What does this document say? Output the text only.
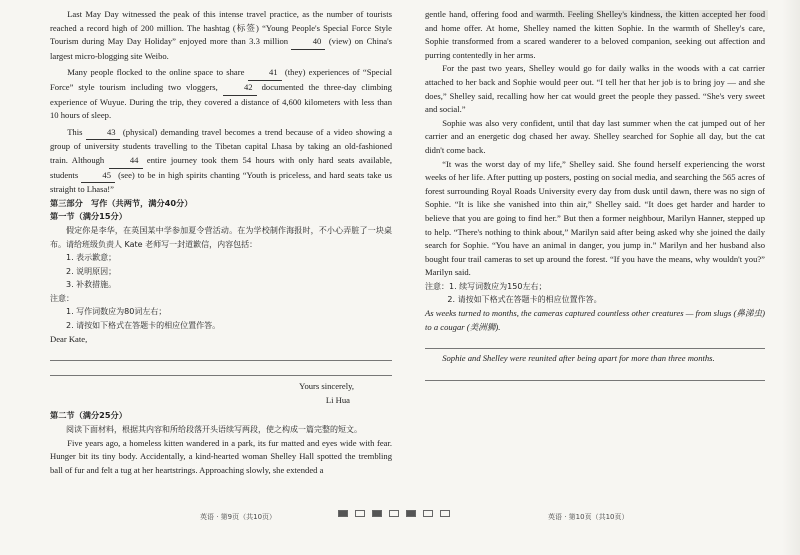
Last May Day witnessed the peak of this intense travel practice, as the number of tourists reached a record high of 200 million. The hashtag (标签) “Young People's Special Force Style Tourism during May Day Holiday” enjoyed more than 3.3 million	40 (view) on China's largest micro-blogging site Weibo.

Many people flocked to the online space to share	41 (they) experiences of “Special Force” style tourism including two vloggers,	42 documented the three-day climbing experience of Wuyue. During the trip, they covered a distance of 4,600 kilometers with less than 10 hours of sleep.

This	43 (physical) demanding travel becomes a trend because of a video showing a group of university students travelling to the Tibetan capital Lhasa by taking an old-fashioned train. Although	44 entire journey took them 54 hours with only hard seats available, students	45 (see) to be in high spirits chanting “Youth is priceless, and hard seats take us straight to Lhasa!”

第三部分　写作（共两节，满分40分）

第一节（满分15分）

假定你是李华，在英国某中学参加夏令营活动。在为学校制作海报时，不小心弄脏了一块桌布。请给班级负责人 Kate 老师写一封道歉信，内容包括：

1. 表示歉意；

2. 说明原因；

3. 补救措施。

注意：

1. 写作词数应为80词左右；

2. 请按如下格式在答题卡的相应位置作答。

Dear Kate,

Yours sincerely,

Li Hua

第二节（满分25分）

阅读下面材料，根据其内容和所给段落开头语续写两段，使之构成一篇完整的短文。

Five years ago, a homeless kitten wandered in a park, its fur matted and eyes wide with fear. Hunger bit its tiny body. Accidentally, a kind-hearted woman Shelley Hall spotted the trembling ball of fur and felt a tug at her heartstrings. Approaching slowly, she extended a

gentle hand, offering food and warmth. Feeling Shelley's kindness, the kitten accepted her food and home offer. At home, Shelley named the kitten Sophie. In the warmth of Shelley's care, Sophie transformed from a scared wanderer to a beloved companion, seeking out affection and purring contentedly in her arms.

For the past two years, Shelley would go for daily walks in the woods with a cat carrier attached to her back and Sophie would peer out. “I tell her that her job is to bring joy — and she does,” Shelley said, recalling how her cat would greet the people they passed. “She's very sweet and social.”

Sophie was also very confident, until that day last summer when the cat jumped out of her carrier and an energetic dog chased her away. Shelley searched for Sophie all day, but the cat didn't come back.

“It was the worst day of my life,” Shelley said. She found herself experiencing the worst weeks of her life. After putting up posters, posting on social media, and searching the 565 acres of forest surrounding Royal Roads University every day from dusk until dawn, there was no sign of Sophie. “It is like she vanished into thin air,” Shelley said. “It does get harder and harder to believe that you are going to find her.” But then a former neighbour, Marilyn Hanner, stepped up to help. “There's nothing to think about,” Marilyn said after being asked why she joined the daily search for Sophie. “You have an animal in danger, you jump in.” Marilyn and her husband also bought four trail cameras to set up around the forest. “If you have the means, why wouldn't you?” Marilyn said.

注意：1. 续写词数应为150左右；

2. 请按如下格式在答题卡的相应位置作答。

As weeks turned to months, the cameras captured countless other creatures — from slugs (鼻涕虫) to a cougar (美洲狮).

Sophie and Shelley were reunited after being apart for more than three months.

英语 · 第9页（共10页）	英语 · 第10页（共10页）
